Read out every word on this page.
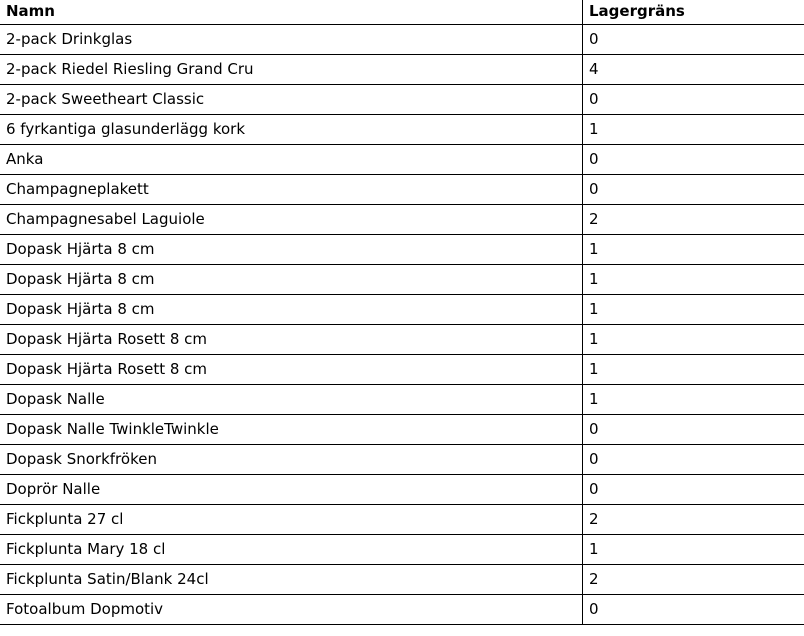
Namn	Lagergräns
2-pack Drinkglas	0
2-pack Riedel Riesling Grand Cru	4
2-pack Sweetheart Classic	0
6 fyrkantiga glasunderlägg kork	1
Anka	0
Champagneplakett	0
Champagnesabel Laguiole	2
Dopask Hjärta 8 cm	1
Dopask Hjärta 8 cm	1
Dopask Hjärta 8 cm	1
Dopask Hjärta Rosett 8 cm	1
Dopask Hjärta Rosett 8 cm	1
Dopask Nalle	1
Dopask Nalle TwinkleTwinkle	0
Dopask Snorkfröken	0
Doprör Nalle	0
Fickplunta 27 cl	2
Fickplunta Mary 18 cl	1
Fickplunta Satin/Blank 24cl	2
Fotoalbum Dopmotiv	0
